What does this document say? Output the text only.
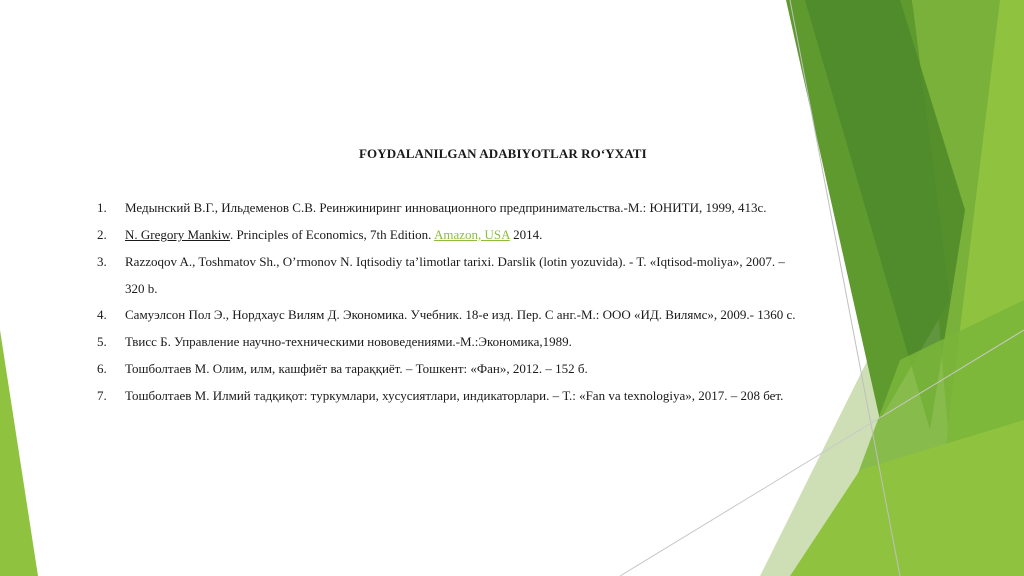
FOYDALANILGAN ADABIYOTLAR RO‘YXATI
1. Медынский В.Г., Ильдеменов С.В. Реинжиниринг инновационного предпринимательства.-М.: ЮНИТИ, 1999, 413с.
2. N. Gregory Mankiw. Principles of Economics, 7th Edition. Amazon, USA 2014.
3. Razzoqov A., Toshmatov Sh., O’rmonov N. Iqtisodiy ta’limotlar tarixi. Darslik (lotin yozuvida). - T. «Iqtisod-moliya», 2007. –
320 b.
4. Самуэлсон Пол Э., Нордхаус Вилям Д. Экономика. Учебник. 18-е изд. Пер. С анг.-М.: ООО «ИД. Вилямс», 2009.- 1360 с.
5. Твисс Б. Управление научно-техническими нововедениями.-М.:Экономика,1989.
6. Тошболтаев М. Олим, илм, кашфиёт ва тараққиёт. – Тошкент: «Фан», 2012. – 152 б.
7. Тошболтаев М. Илмий тадқиқот: туркумлари, хусусиятлари, индикаторлари. – Т.: «Fan va texnologiya», 2017. – 208 бет.
